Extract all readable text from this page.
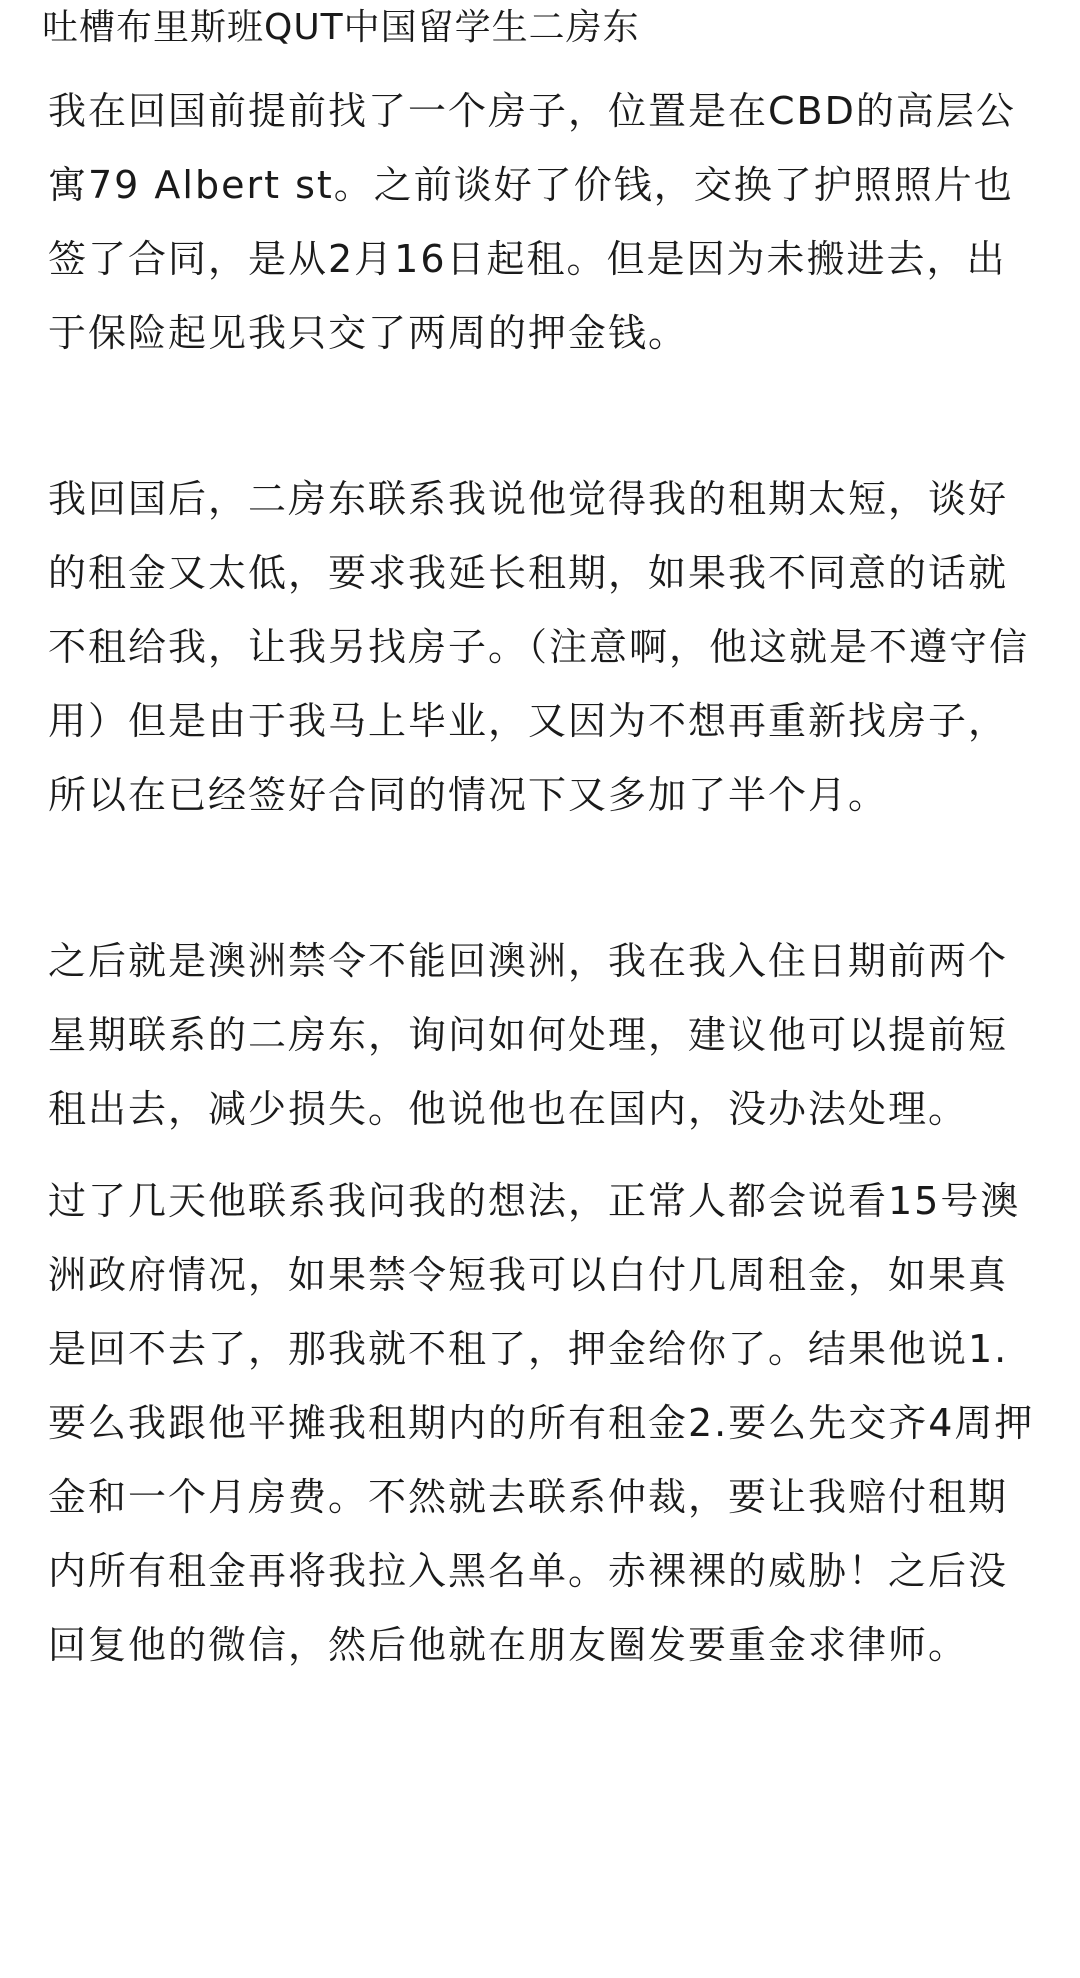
吐槽布里斯班QUT中国留学生二房东

我在回国前提前找了一个房子，位置是在CBD的高层公寓79 Albert st。之前谈好了价钱，交换了护照照片也签了合同，是从2月16日起租。但是因为未搬进去，出于保险起见我只交了两周的押金钱。

我回国后，二房东联系我说他觉得我的租期太短，谈好的租金又太低，要求我延长租期，如果我不同意的话就不租给我，让我另找房子。（注意啊，他这就是不遵守信用）但是由于我马上毕业，又因为不想再重新找房子，所以在已经签好合同的情况下又多加了半个月。

之后就是澳洲禁令不能回澳洲，我在我入住日期前两个星期联系的二房东，询问如何处理，建议他可以提前短租出去，减少损失。他说他也在国内，没办法处理。

过了几天他联系我问我的想法，正常人都会说看15号澳洲政府情况，如果禁令短我可以白付几周租金，如果真是回不去了，那我就不租了，押金给你了。结果他说1.要么我跟他平摊我租期内的所有租金2.要么先交齐4周押金和一个月房费。不然就去联系仲裁，要让我赔付租期内所有租金再将我拉入黑名单。赤裸裸的威胁！之后没回复他的微信，然后他就在朋友圈发要重金求律师。
